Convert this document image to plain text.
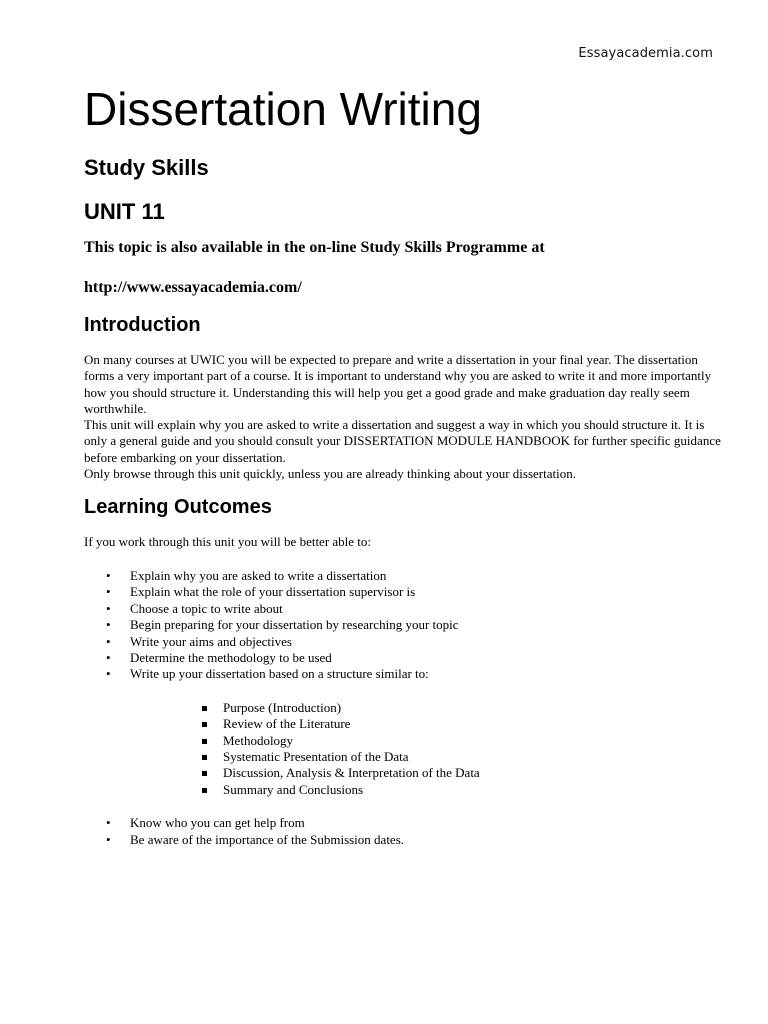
Essayacademia.com
Dissertation Writing
Study Skills
UNIT 11
This topic is also available in the on-line Study Skills Programme at
http://www.essayacademia.com/
Introduction

On many courses at UWIC you will be expected to prepare and write a dissertation in your final year. The dissertation forms a very important part of a course. It is important to understand why you are asked to write it and more importantly how you should structure it. Understanding this will help you get a good grade and make graduation day really seem worthwhile.

This unit will explain why you are asked to write a dissertation and suggest a way in which you should structure it. It is only a general guide and you should consult your DISSERTATION MODULE HANDBOOK for further specific guidance before embarking on your dissertation.

Only browse through this unit quickly, unless you are already thinking about your dissertation.

Learning Outcomes
If you work through this unit you will be better able to:
• Explain why you are asked to write a dissertation
• Explain what the role of your dissertation supervisor is
• Choose a topic to write about
• Begin preparing for your dissertation by researching your topic
• Write your aims and objectives
• Determine the methodology to be used
• Write up your dissertation based on a structure similar to:
Purpose (Introduction)
Review of the Literature
Methodology
Systematic Presentation of the Data
Discussion, Analysis & Interpretation of the Data
Summary and Conclusions
• Know who you can get help from
• Be aware of the importance of the Submission dates.
